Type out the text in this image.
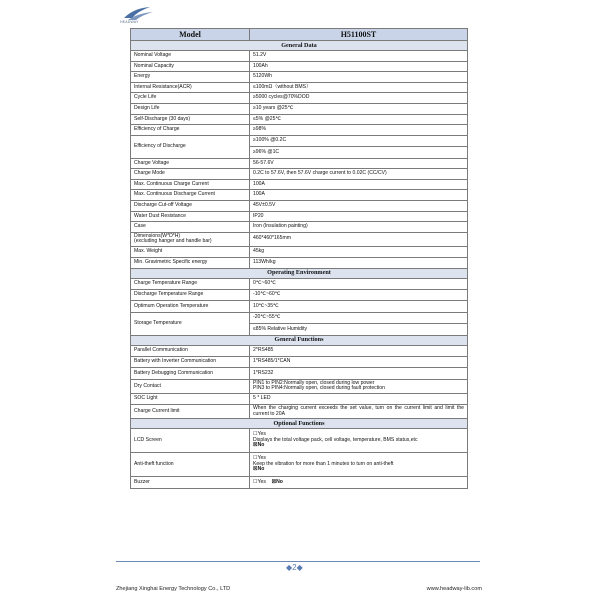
HEADWAY
Model	H51100ST
General Data	
Nominal Voltage	51.2V
Nominal Capacity	100Ah
Energy	5120Wh
Internal Resistance(ACR)	≤100mΩ（without BMS）
Cycle Life	≥5000 cycles@70%DOD
Design Life	≥10 years @25℃
Self-Discharge (30 days)	≤5% @25℃
Efficiency of Charge	≥98%
Efficiency of Discharge	≥100% @0.2C
	≥96% @1C
Charge Voltage	56-57.6V
Charge Mode	0.2C to 57.6V, then 57.6V charge current to 0.02C (CC/CV)
Max. Continuous Charge Current	100A
Max. Continuous Discharge Current	100A
Discharge Cut-off Voltage	45V±0.5V
Water Dust Resistance	IP20
Case	Iron (Insulation painting)
Dimensions(W*D*H)
(excluding hanger and handle bar)	460*460*165mm
Max. Weight	45kg
Min. Gravimetric Specific energy	113Wh/kg
Operating Environment	
Charge Temperature Range	0℃~60℃
Discharge Temperature Range	-10℃~60℃
Optimum Operation Temperature	10℃~35℃
Storage Temperature	-20℃~55℃
	≤85% Relative Humidity
General Functions	
Parallel Communication	2*RS485
Battery with Inverter Communication	1*RS485/1*CAN
Battery Debugging Communication	1*RS232
Dry Contact	PIN1 to PIN2:Normally open, closed during low power
PIN3 to PIN4:Normally open, closed during fault protection
SOC Light	5 * LED
Charge Current limit	When the charging current exceeds the set value, turn on the current limit and limit the current to 20A
Optional Functions	
LCD Screen	☐Yes
Displays the total voltage pack, cell voltage, temperature, BMS status,etc
☒No
Anti-theft function	☐Yes
Keep the vibration for more than 1 minutes to turn on anti-theft
☒No
Buzzer	☐Yes ☒No
◆2◆
Zhejiang Xinghai Energy Technology Co., LTD	www.headway-lib.com
